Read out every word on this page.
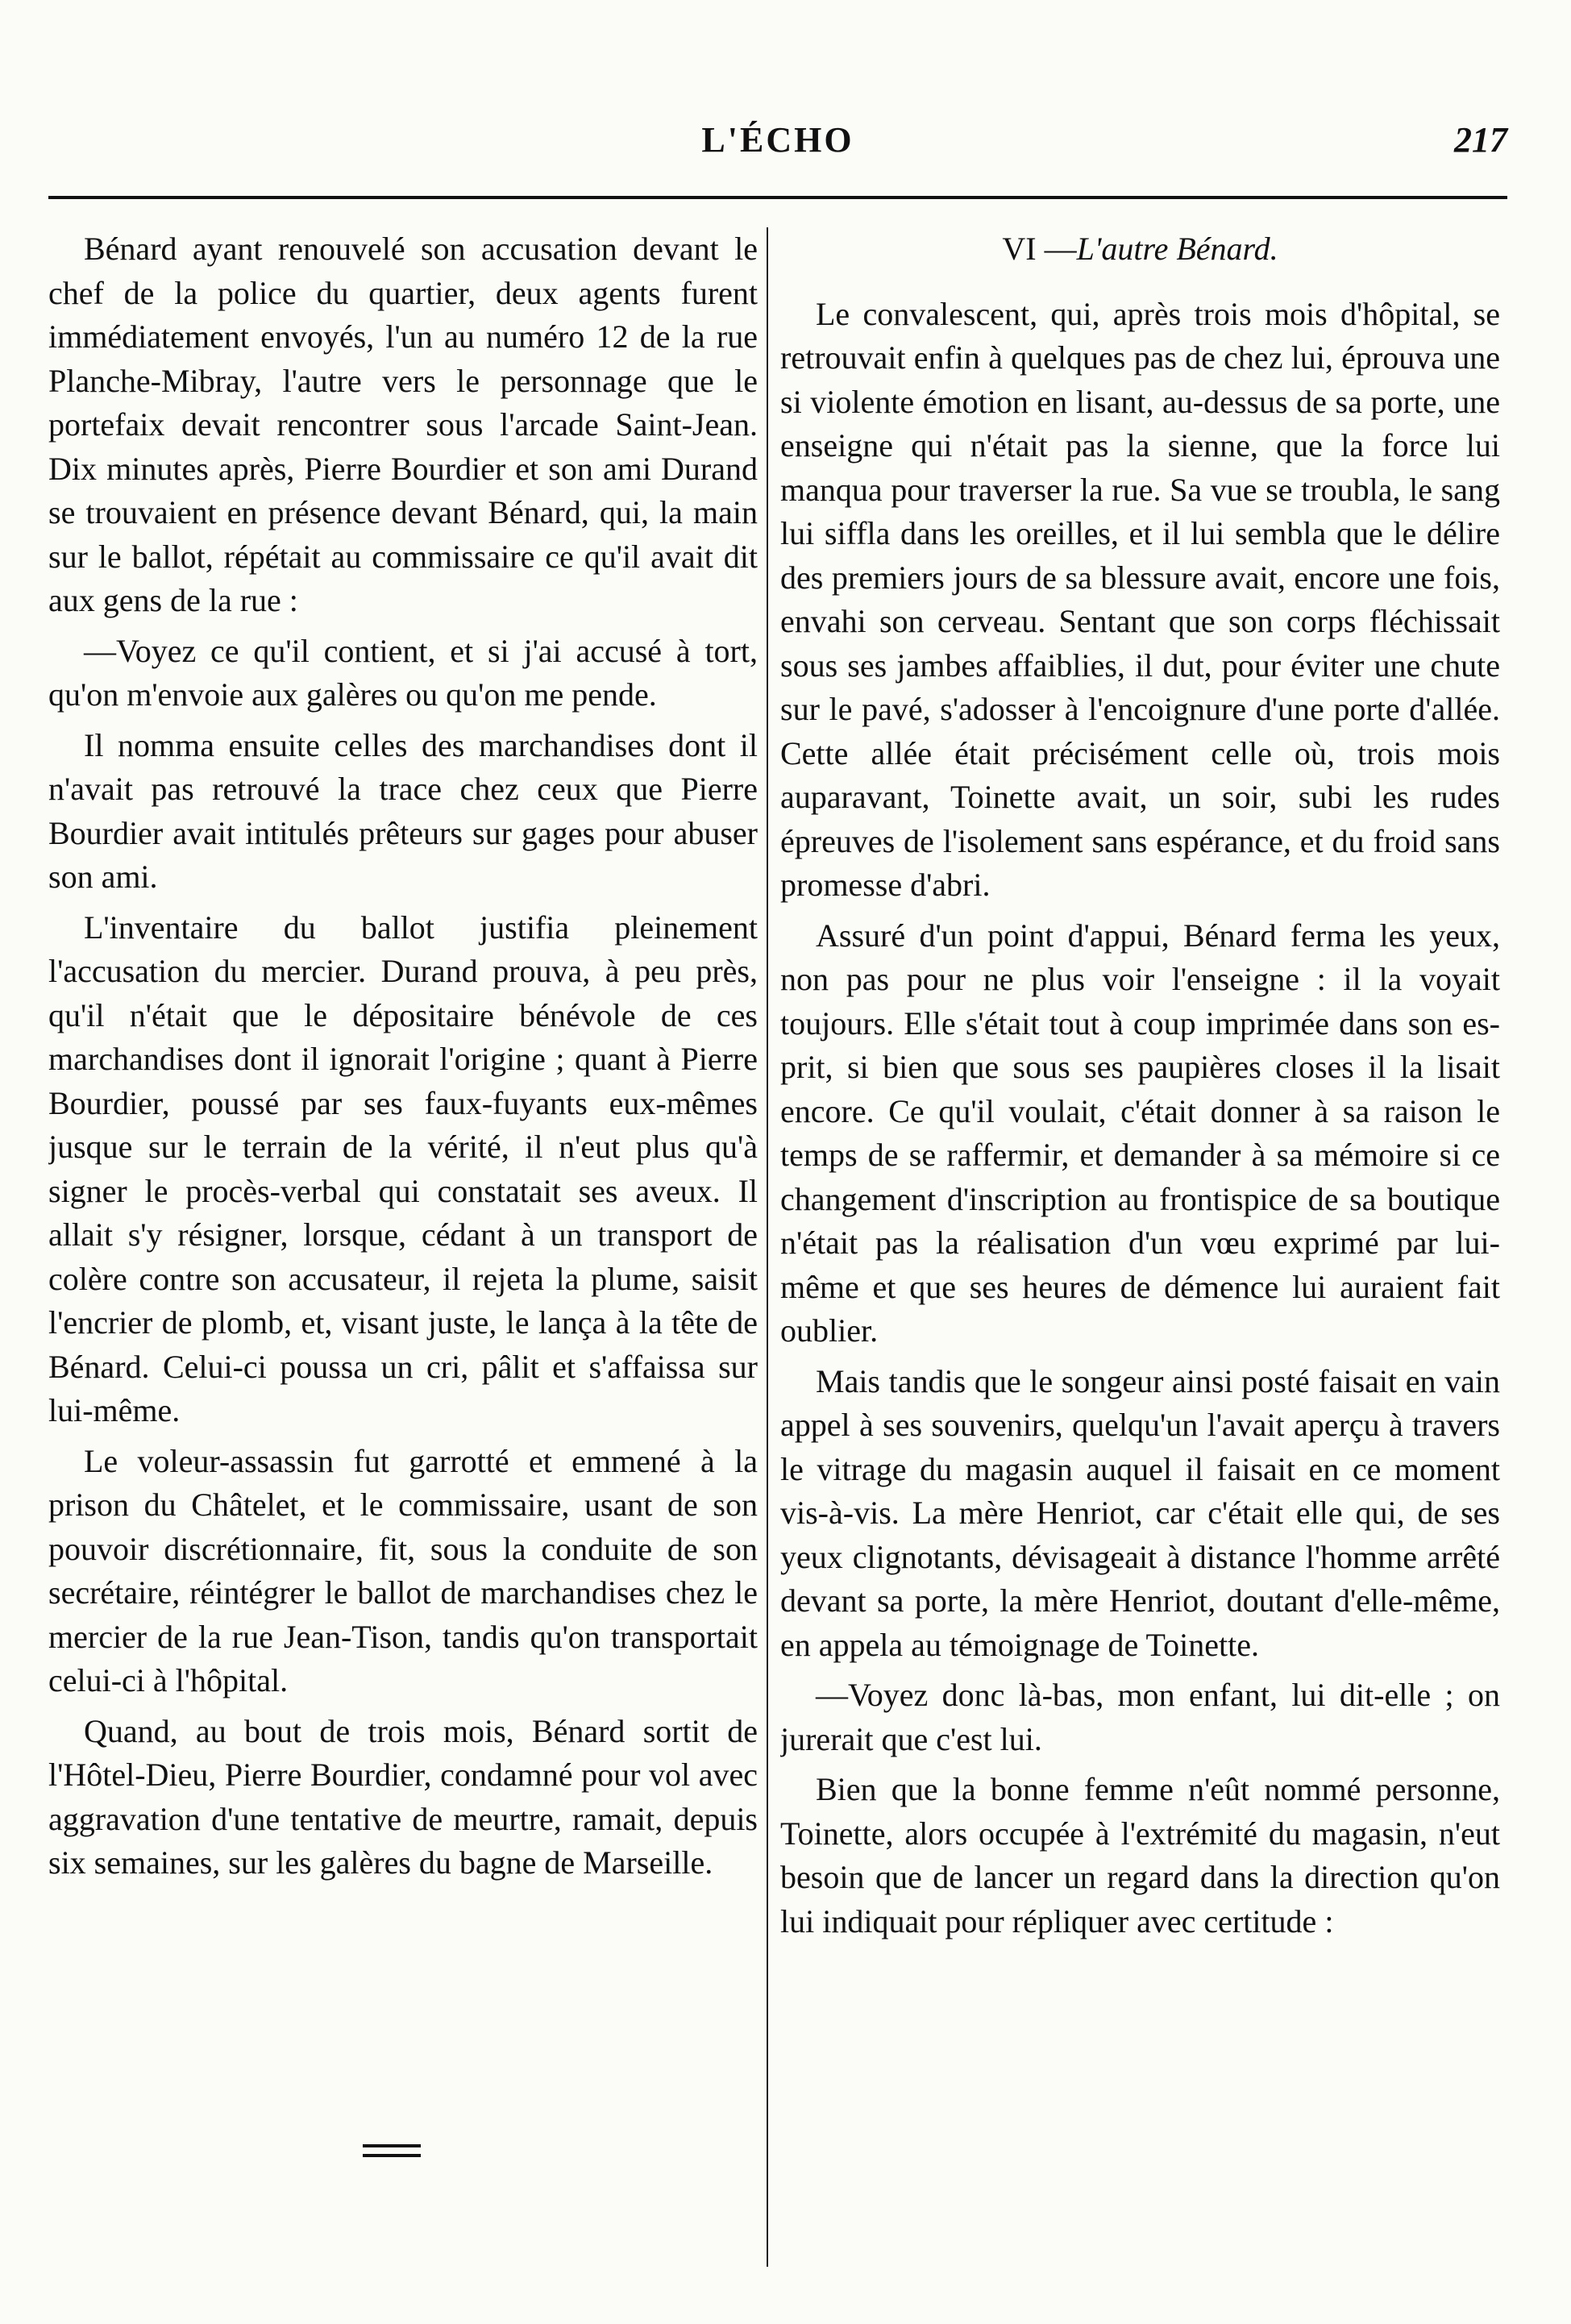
L'ÉCHO	217

Bénard ayant renouvelé son accusation devant le chef de la police du quartier, deux agents furent immédiatement envoyés, l'un au numéro 12 de la rue Planche-Mibray, l'autre vers le personnage que le portefaix devait rencontrer sous l'arcade Saint-Jean. Dix minutes après, Pierre Bourdier et son ami Durand se trouvaient en présence devant Bénard, qui, la main sur le ballot, répétait au commissaire ce qu'il avait dit aux gens de la rue :

—Voyez ce qu'il contient, et si j'ai accusé à tort, qu'on m'envoie aux galères ou qu'on me pende.

Il nomma ensuite celles des marchandises dont il n'avait pas retrouvé la trace chez ceux que Pierre Bourdier avait intitulés prêteurs sur gages pour abuser son ami.

L'inventaire du ballot justifia pleinement l'accusation du mercier. Durand prouva, à peu près, qu'il n'était que le dépositaire bénévole de ces marchandises dont il ignorait l'origine ; quant à Pierre Bourdier, poussé par ses faux-fuyants eux-mêmes jusque sur le terrain de la vérité, il n'eut plus qu'à signer le procès-verbal qui constatait ses aveux. Il allait s'y résigner, lorsque, cédant à un transport de colère contre son accusateur, il rejeta la plume, saisit l'encrier de plomb, et, visant juste, le lança à la tête de Bénard. Celui-ci poussa un cri, pâlit et s'affaissa sur lui-même.

Le voleur-assassin fut garrotté et emmené à la prison du Châtelet, et le commissaire, usant de son pouvoir discrétionnaire, fit, sous la conduite de son secrétaire, réintégrer le ballot de marchandises chez le mercier de la rue Jean-Tison, tandis qu'on transportait celui-ci à l'hôpital.

Quand, au bout de trois mois, Bénard sortit de l'Hôtel-Dieu, Pierre Bourdier, condamné pour vol avec aggravation d'une tentative de meurtre, ramait, depuis six semaines, sur les galères du bagne de Marseille.

VI —L'autre Bénard.

Le convalescent, qui, après trois mois d'hôpital, se retrouvait enfin à quelques pas de chez lui, éprouva une si violente émotion en lisant, au-dessus de sa porte, une enseigne qui n'était pas la sienne, que la force lui manqua pour traverser la rue. Sa vue se troubla, le sang lui siffla dans les oreilles, et il lui sembla que le délire des premiers jours de sa blessure avait, encore une fois, envahi son cerveau. Sentant que son corps fléchissait sous ses jambes affaiblies, il dut, pour éviter une chute sur le pavé, s'adosser à l'encoignure d'une porte d'allée. Cette allée était précisément celle où, trois mois auparavant, Toinette avait, un soir, subi les rudes épreuves de l'isolement sans espérance, et du froid sans promesse d'abri.

Assuré d'un point d'appui, Bénard ferma les yeux, non pas pour ne plus voir l'enseigne : il la voyait toujours. Elle s'était tout à coup imprimée dans son esprit, si bien que sous ses paupières closes il la lisait encore. Ce qu'il voulait, c'était donner à sa raison le temps de se raffermir, et demander à sa mémoire si ce changement d'inscription au frontispice de sa boutique n'était pas la réalisation d'un vœu exprimé par lui-même et que ses heures de démence lui auraient fait oublier.

Mais tandis que le songeur ainsi posté faisait en vain appel à ses souvenirs, quelqu'un l'avait aperçu à travers le vitrage du magasin auquel il faisait en ce moment vis-à-vis. La mère Henriot, car c'était elle qui, de ses yeux clignotants, dévisageait à distance l'homme arrêté devant sa porte, la mère Henriot, doutant d'elle-même, en appela au témoignage de Toinette.

—Voyez donc là-bas, mon enfant, lui dit-elle ; on jurerait que c'est lui.

Bien que la bonne femme n'eût nommé personne, Toinette, alors occupée à l'extrémité du magasin, n'eut besoin que de lancer un regard dans la direction qu'on lui indiquait pour répliquer avec certitude :
